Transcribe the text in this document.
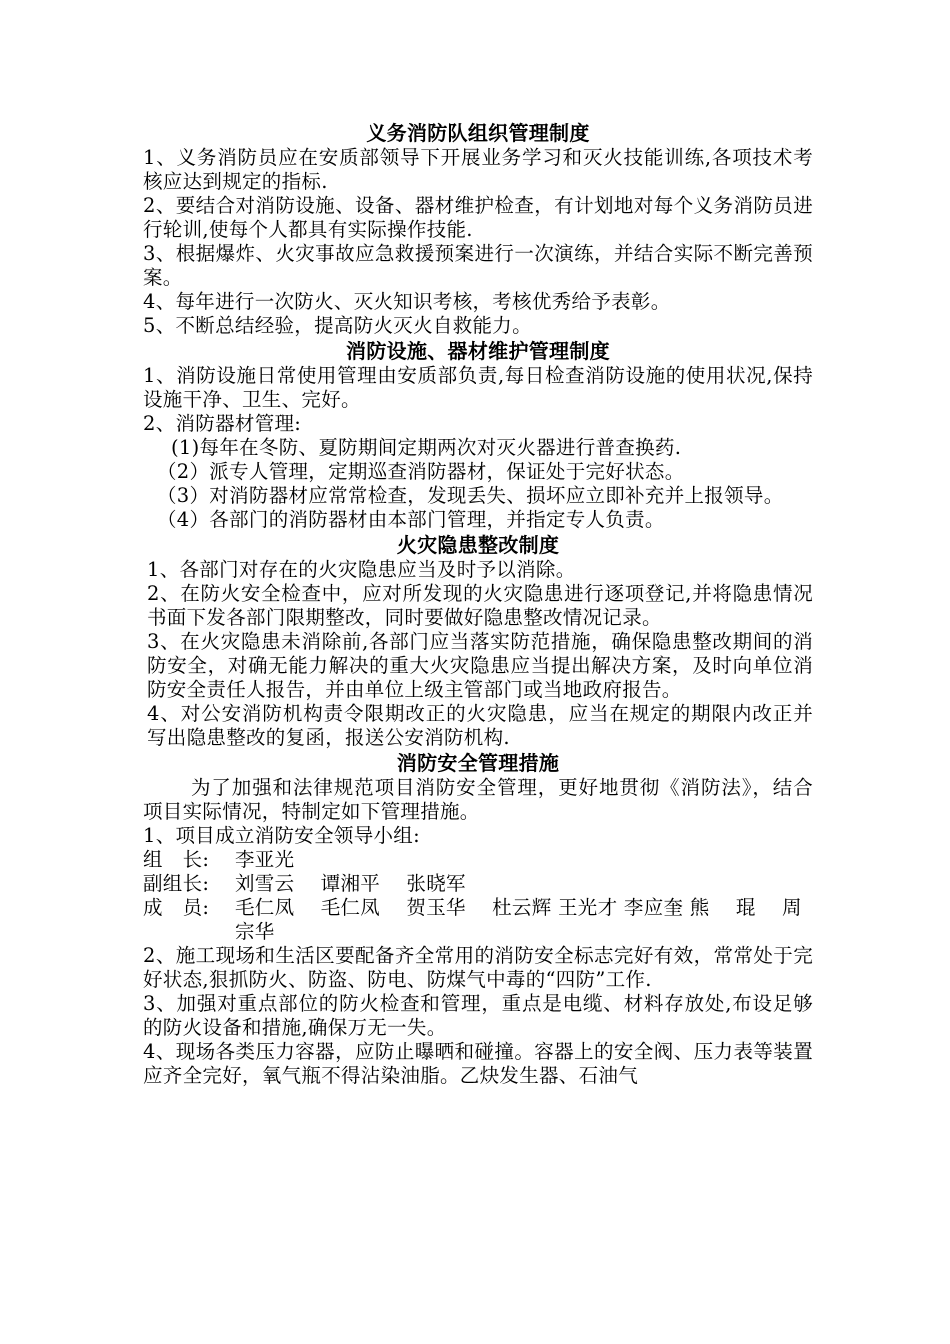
义务消防队组织管理制度

1、义务消防员应在安质部领导下开展业务学习和灭火技能训练,各项技术考核应达到规定的指标.

2、要结合对消防设施、设备、器材维护检查，有计划地对每个义务消防员进行轮训,使每个人都具有实际操作技能.

3、根据爆炸、火灾事故应急救援预案进行一次演练，并结合实际不断完善预案。

4、每年进行一次防火、灭火知识考核，考核优秀给予表彰。

5、不断总结经验，提高防火灭火自救能力。

消防设施、器材维护管理制度

1、消防设施日常使用管理由安质部负责,每日检查消防设施的使用状况,保持设施干净、卫生、完好。

2、消防器材管理:

(1)每年在冬防、夏防期间定期两次对灭火器进行普查换药.

（2）派专人管理，定期巡查消防器材，保证处于完好状态。

（3）对消防器材应常常检查，发现丢失、损坏应立即补充并上报领导。

（4）各部门的消防器材由本部门管理，并指定专人负责。

火灾隐患整改制度

1、各部门对存在的火灾隐患应当及时予以消除。

2、在防火安全检查中，应对所发现的火灾隐患进行逐项登记,并将隐患情况书面下发各部门限期整改，同时要做好隐患整改情况记录。

3、在火灾隐患未消除前,各部门应当落实防范措施，确保隐患整改期间的消防安全，对确无能力解决的重大火灾隐患应当提出解决方案，及时向单位消防安全责任人报告，并由单位上级主管部门或当地政府报告。

4、对公安消防机构责令限期改正的火灾隐患，应当在规定的期限内改正并写出隐患整改的复函，报送公安消防机构.

消防安全管理措施

为了加强和法律规范项目消防安全管理，更好地贯彻《消防法》，结合项目实际情况，特制定如下管理措施。

1、项目成立消防安全领导小组:

组　长:	李亚光
副组长:	刘雪云　 谭湘平　 张晓军
成　员:	毛仁凤　 毛仁凤　 贺玉华　 杜云辉 王光才 李应奎 熊　 琨　 周宗华

2、施工现场和生活区要配备齐全常用的消防安全标志完好有效，常常处于完好状态,狠抓防火、防盗、防电、防煤气中毒的“四防”工作.

3、加强对重点部位的防火检查和管理，重点是电缆、材料存放处,布设足够的防火设备和措施,确保万无一失。

4、现场各类压力容器，应防止曝晒和碰撞。容器上的安全阀、压力表等装置应齐全完好，氧气瓶不得沾染油脂。乙炔发生器、石油气
